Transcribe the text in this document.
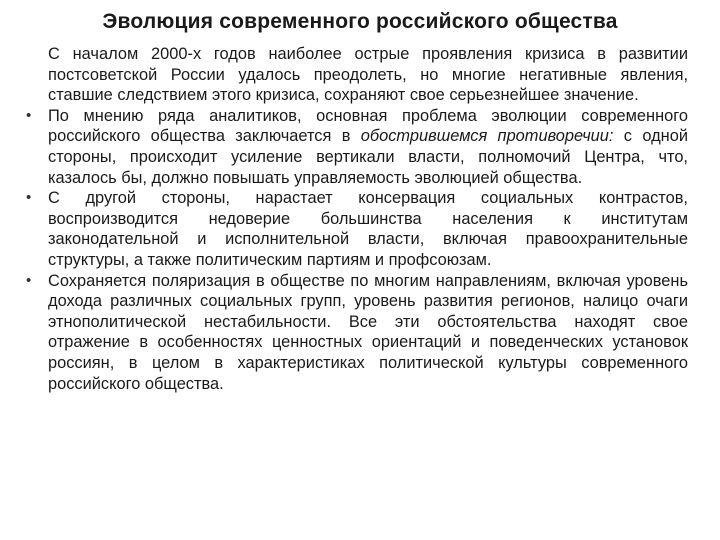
Эволюция современного российского общества
С началом 2000-х годов наиболее острые проявления кризиса в развитии постсоветской России удалось преодолеть, но многие негативные явления, ставшие следствием этого кризиса, сохраняют свое серьезнейшее значение.
• По мнению ряда аналитиков, основная проблема эволюции современного российского общества заключается в обострившемся противоречии: с одной стороны, происходит усиление вертикали власти, полномочий Центра, что, казалось бы, должно повышать управляемость эволюцией общества.
• С другой стороны, нарастает консервация социальных контрастов, воспроизводится недоверие большинства населения к институтам законодательной и исполнительной власти, включая правоохранительные структуры, а также политическим партиям и профсоюзам.
• Сохраняется поляризация в обществе по многим направлениям, включая уровень дохода различных социальных групп, уровень развития регионов, налицо очаги этнополитической нестабильности. Все эти обстоятельства находят свое отражение в особенностях ценностных ориентаций и поведенческих установок россиян, в целом в характеристиках политической культуры современного российского общества.
